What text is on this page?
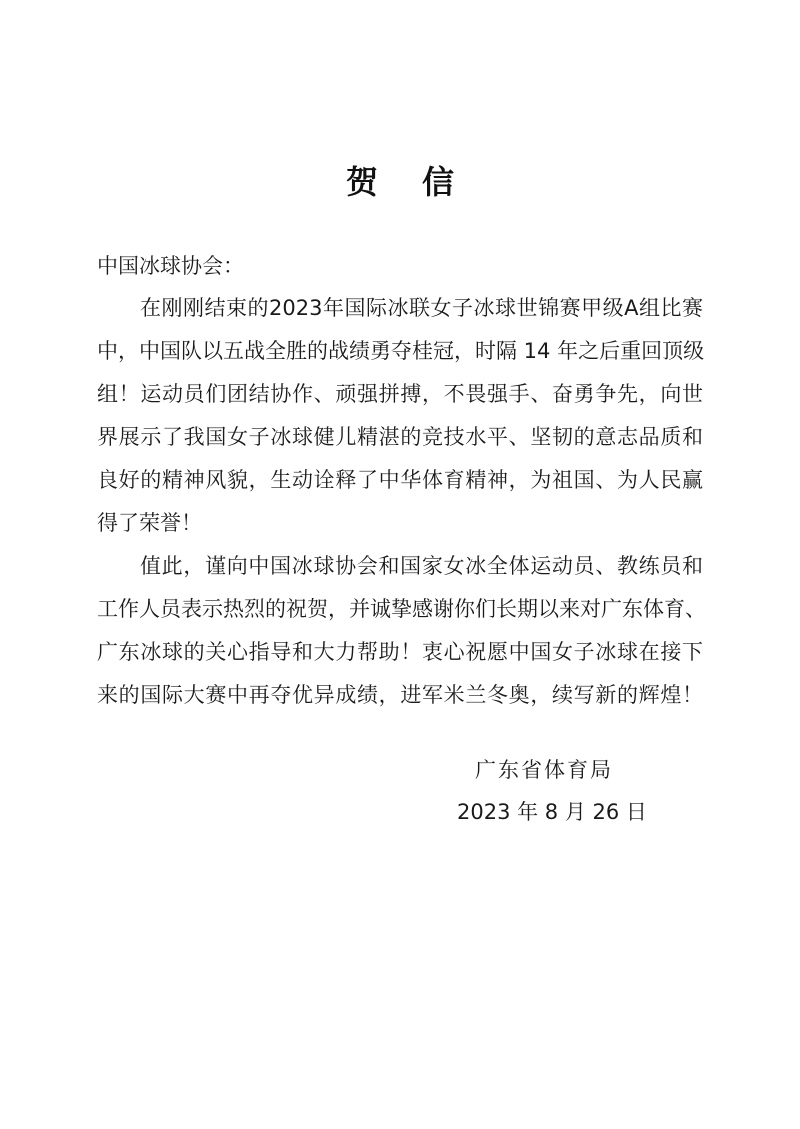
贺信
中国冰球协会：
在刚刚结束的2023年国际冰联女子冰球世锦赛甲级A组比赛
中，中国队以五战全胜的战绩勇夺桂冠，时隔 14 年之后重回顶级
组！运动员们团结协作、顽强拼搏，不畏强手、奋勇争先，向世
界展示了我国女子冰球健儿精湛的竞技水平、坚韧的意志品质和
良好的精神风貌，生动诠释了中华体育精神，为祖国、为人民赢
得了荣誉！
值此，谨向中国冰球协会和国家女冰全体运动员、教练员和
工作人员表示热烈的祝贺，并诚挚感谢你们长期以来对广东体育、
广东冰球的关心指导和大力帮助！衷心祝愿中国女子冰球在接下
来的国际大赛中再夺优异成绩，进军米兰冬奥，续写新的辉煌！
广东省体育局
2023 年 8 月 26 日
